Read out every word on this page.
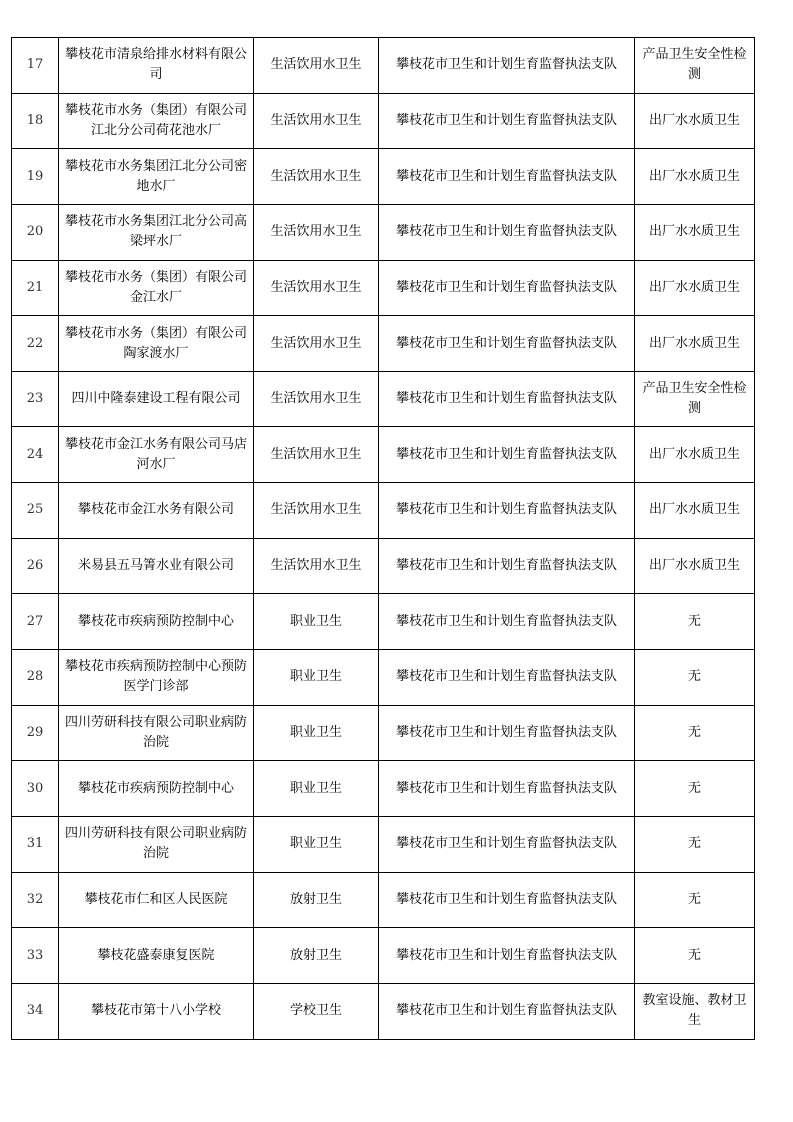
17	攀枝花市清泉给排水材料有限公司	生活饮用水卫生	攀枝花市卫生和计划生育监督执法支队	产品卫生安全性检测
18	攀枝花市水务（集团）有限公司江北分公司荷花池水厂	生活饮用水卫生	攀枝花市卫生和计划生育监督执法支队	出厂水水质卫生
19	攀枝花市水务集团江北分公司密地水厂	生活饮用水卫生	攀枝花市卫生和计划生育监督执法支队	出厂水水质卫生
20	攀枝花市水务集团江北分公司高梁坪水厂	生活饮用水卫生	攀枝花市卫生和计划生育监督执法支队	出厂水水质卫生
21	攀枝花市水务（集团）有限公司金江水厂	生活饮用水卫生	攀枝花市卫生和计划生育监督执法支队	出厂水水质卫生
22	攀枝花市水务（集团）有限公司陶家渡水厂	生活饮用水卫生	攀枝花市卫生和计划生育监督执法支队	出厂水水质卫生
23	四川中隆泰建设工程有限公司	生活饮用水卫生	攀枝花市卫生和计划生育监督执法支队	产品卫生安全性检测
24	攀枝花市金江水务有限公司马店河水厂	生活饮用水卫生	攀枝花市卫生和计划生育监督执法支队	出厂水水质卫生
25	攀枝花市金江水务有限公司	生活饮用水卫生	攀枝花市卫生和计划生育监督执法支队	出厂水水质卫生
26	米易县五马箐水业有限公司	生活饮用水卫生	攀枝花市卫生和计划生育监督执法支队	出厂水水质卫生
27	攀枝花市疾病预防控制中心	职业卫生	攀枝花市卫生和计划生育监督执法支队	无
28	攀枝花市疾病预防控制中心预防医学门诊部	职业卫生	攀枝花市卫生和计划生育监督执法支队	无
29	四川劳研科技有限公司职业病防治院	职业卫生	攀枝花市卫生和计划生育监督执法支队	无
30	攀枝花市疾病预防控制中心	职业卫生	攀枝花市卫生和计划生育监督执法支队	无
31	四川劳研科技有限公司职业病防治院	职业卫生	攀枝花市卫生和计划生育监督执法支队	无
32	攀枝花市仁和区人民医院	放射卫生	攀枝花市卫生和计划生育监督执法支队	无
33	攀枝花盛泰康复医院	放射卫生	攀枝花市卫生和计划生育监督执法支队	无
34	攀枝花市第十八小学校	学校卫生	攀枝花市卫生和计划生育监督执法支队	教室设施、教材卫生
